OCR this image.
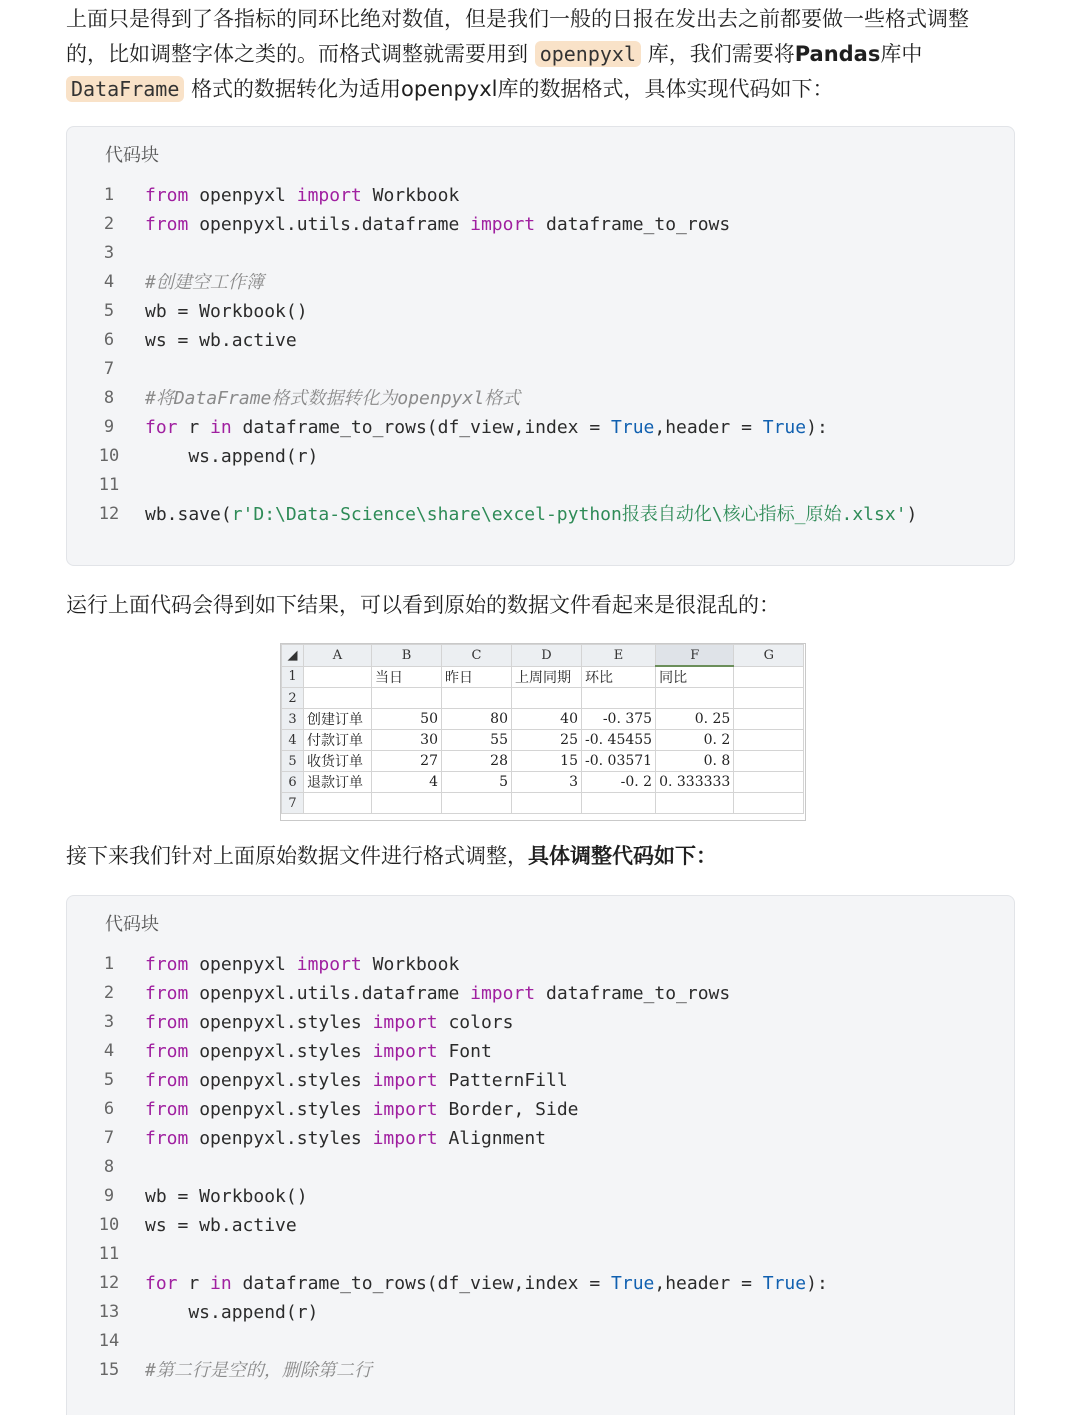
上面只是得到了各指标的同环比绝对数值，但是我们一般的日报在发出去之前都要做一些格式调整
的，比如调整字体之类的。而格式调整就需要用到 openpyxl 库，我们需要将Pandas库中
DataFrame 格式的数据转化为适用openpyxl库的数据格式，具体实现代码如下：

代码块
1	from openpyxl import Workbook
2	from openpyxl.utils.dataframe import dataframe_to_rows
3
4	#创建空工作簿
5	wb = Workbook()
6	ws = wb.active
7
8	#将DataFrame格式数据转化为openpyxl格式
9	for r in dataframe_to_rows(df_view,index = True,header = True):
10	ws.append(r)
11
12	wb.save(r'D:\Data-Science\share\excel-python报表自动化\核心指标_原始.xlsx')

运行上面代码会得到如下结果，可以看到原始的数据文件看起来是很混乱的：

◢	A	B	C	D	E	F	G
1		当日	昨日	上周同期	环比	同比	
2							
3	创建订单	50	80	40	-0. 375	0. 25	
4	付款订单	30	55	25	-0. 45455	0. 2	
5	收货订单	27	28	15	-0. 03571	0. 8	
6	退款订单	4	5	3	-0. 2	0. 333333	
7							

接下来我们针对上面原始数据文件进行格式调整，具体调整代码如下：

代码块
1	from openpyxl import Workbook
2	from openpyxl.utils.dataframe import dataframe_to_rows
3	from openpyxl.styles import colors
4	from openpyxl.styles import Font
5	from openpyxl.styles import PatternFill
6	from openpyxl.styles import Border, Side
7	from openpyxl.styles import Alignment
8
9	wb = Workbook()
10	ws = wb.active
11
12	for r in dataframe_to_rows(df_view,index = True,header = True):
13	ws.append(r)
14
15	#第二行是空的，删除第二行
